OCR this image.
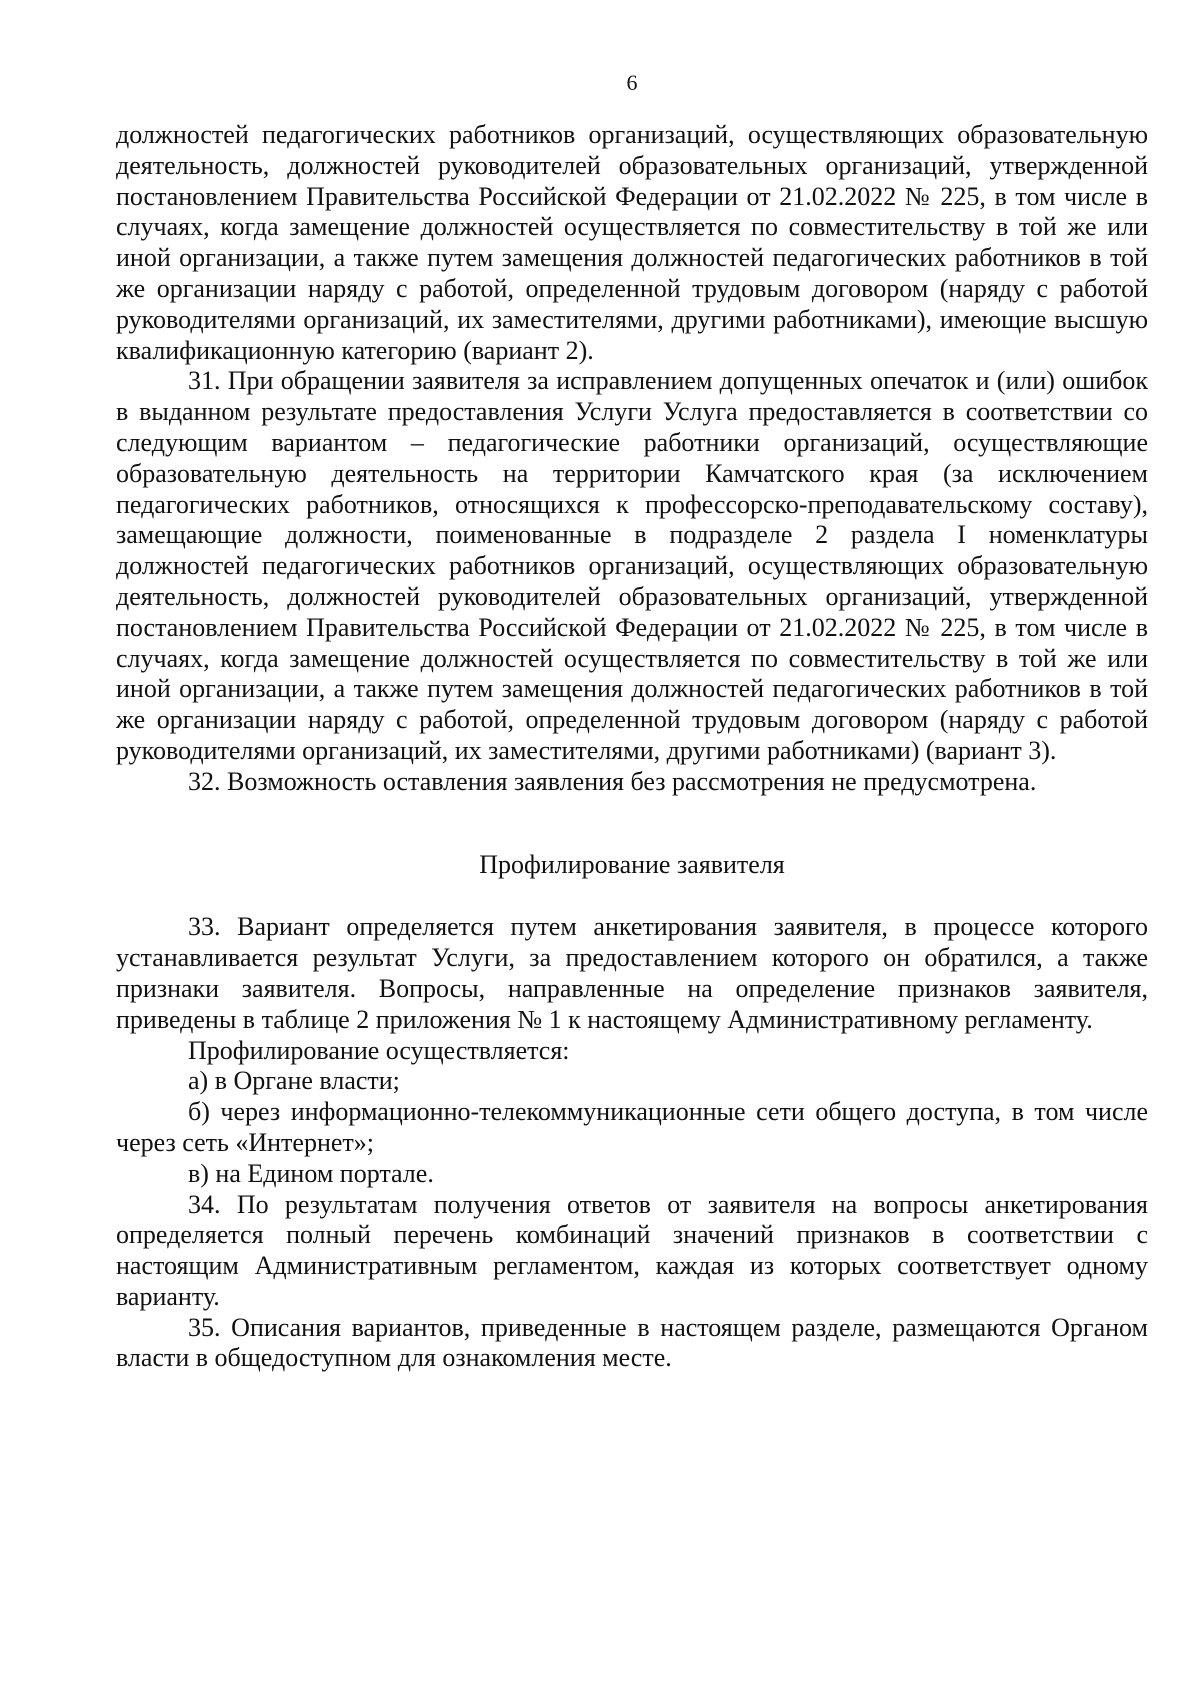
6

должностей педагогических работников организаций, осуществляющих образовательную деятельность, должностей руководителей образовательных организаций, утвержденной постановлением Правительства Российской Федерации от 21.02.2022 № 225, в том числе в случаях, когда замещение должностей осуществляется по совместительству в той же или иной организации, а также путем замещения должностей педагогических работников в той же организации наряду с работой, определенной трудовым договором (наряду с работой руководителями организаций, их заместителями, другими работниками), имеющие высшую квалификационную категорию (вариант 2).

31. При обращении заявителя за исправлением допущенных опечаток и (или) ошибок в выданном результате предоставления Услуги Услуга предоставляется в соответствии со следующим вариантом – педагогические работники организаций, осуществляющие образовательную деятельность на территории Камчатского края (за исключением педагогических работников, относящихся к профессорско-преподавательскому составу), замещающие должности, поименованные в подразделе 2 раздела I номенклатуры должностей педагогических работников организаций, осуществляющих образовательную деятельность, должностей руководителей образовательных организаций, утвержденной постановлением Правительства Российской Федерации от 21.02.2022 № 225, в том числе в случаях, когда замещение должностей осуществляется по совместительству в той же или иной организации, а также путем замещения должностей педагогических работников в той же организации наряду с работой, определенной трудовым договором (наряду с работой руководителями организаций, их заместителями, другими работниками) (вариант 3).

32. Возможность оставления заявления без рассмотрения не предусмотрена.

Профилирование заявителя

33. Вариант определяется путем анкетирования заявителя, в процессе которого устанавливается результат Услуги, за предоставлением которого он обратился, а также признаки заявителя. Вопросы, направленные на определение признаков заявителя, приведены в таблице 2 приложения № 1 к настоящему Административному регламенту.

Профилирование осуществляется:

а) в Органе власти;

б) через информационно-телекоммуникационные сети общего доступа, в том числе через сеть «Интернет»;

в) на Едином портале.

34. По результатам получения ответов от заявителя на вопросы анкетирования определяется полный перечень комбинаций значений признаков в соответствии с настоящим Административным регламентом, каждая из которых соответствует одному варианту.

35. Описания вариантов, приведенные в настоящем разделе, размещаются Органом власти в общедоступном для ознакомления месте.
